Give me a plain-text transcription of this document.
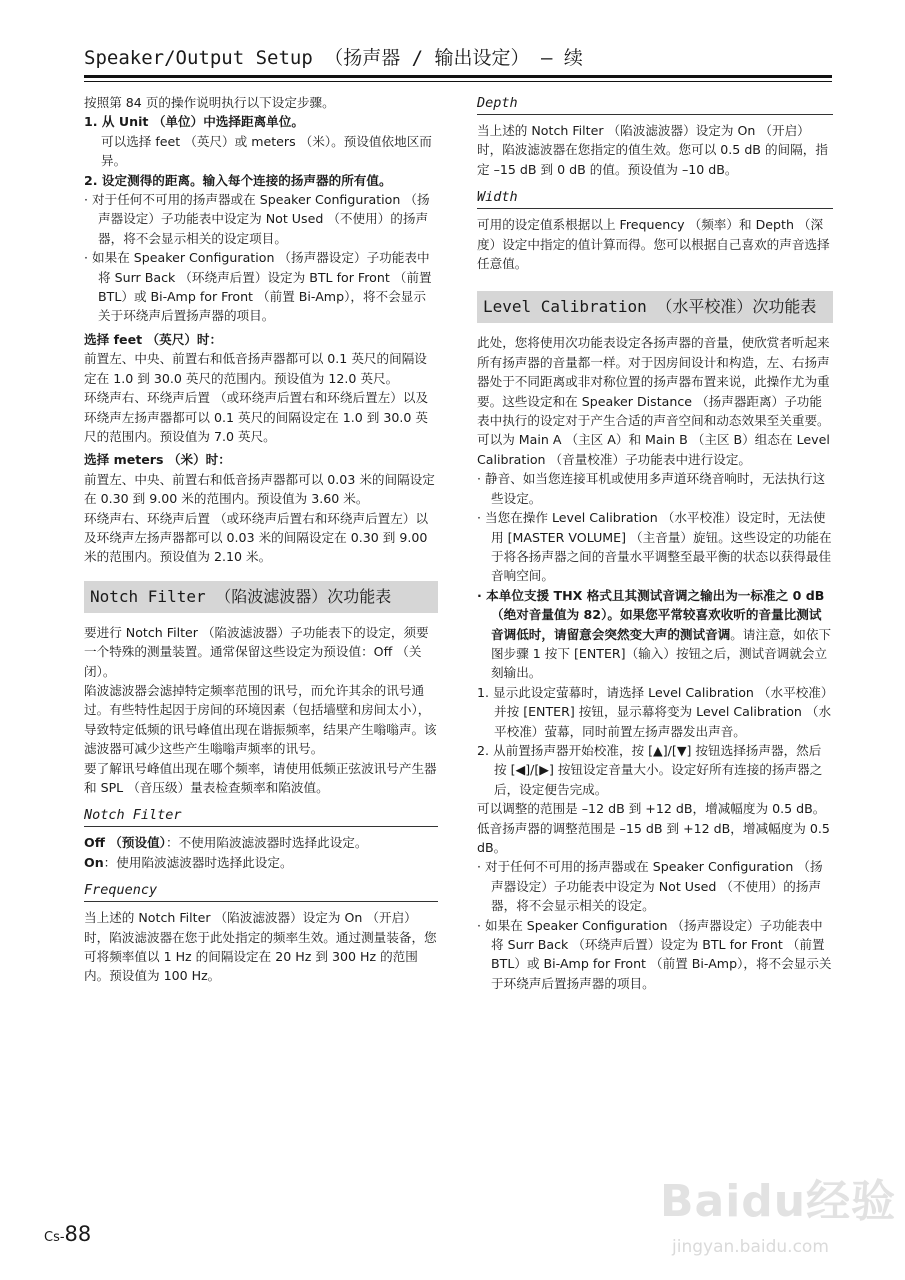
Speaker/Output Setup （扬声器 / 输出设定） – 续

按照第 84 页的操作说明执行以下设定步骤。

1. 从 Unit （单位）中选择距离单位。

可以选择 feet （英尺）或 meters （米）。预设值依地区而异。

2. 设定测得的距离。输入每个连接的扬声器的所有值。

· 对于任何不可用的扬声器或在 Speaker Configuration （扬声器设定）子功能表中设定为 Not Used （不使用）的扬声器，将不会显示相关的设定项目。

· 如果在 Speaker Configuration （扬声器设定）子功能表中将 Surr Back （环绕声后置）设定为 BTL for Front （前置 BTL）或 Bi-Amp for Front （前置 Bi-Amp），将不会显示关于环绕声后置扬声器的项目。

选择 feet （英尺）时：

前置左、中央、前置右和低音扬声器都可以 0.1 英尺的间隔设定在 1.0 到 30.0 英尺的范围内。预设值为 12.0 英尺。

环绕声右、环绕声后置 （或环绕声后置右和环绕后置左）以及环绕声左扬声器都可以 0.1 英尺的间隔设定在 1.0 到 30.0 英尺的范围内。预设值为 7.0 英尺。

选择 meters （米）时：

前置左、中央、前置右和低音扬声器都可以 0.03 米的间隔设定在 0.30 到 9.00 米的范围内。预设值为 3.60 米。

环绕声右、环绕声后置 （或环绕声后置右和环绕声后置左）以及环绕声左扬声器都可以 0.03 米的间隔设定在 0.30 到 9.00 米的范围内。预设值为 2.10 米。

Notch Filter （陷波滤波器）次功能表

要进行 Notch Filter （陷波滤波器）子功能表下的设定，须要一个特殊的测量装置。通常保留这些设定为预设值：Off （关闭）。

陷波滤波器会滤掉特定频率范围的讯号，而允许其余的讯号通过。有些特性起因于房间的环境因素（包括墙壁和房间太小），导致特定低频的讯号峰值出现在谐振频率，结果产生嗡嗡声。该滤波器可减少这些产生嗡嗡声频率的讯号。

要了解讯号峰值出现在哪个频率，请使用低频正弦波讯号产生器和 SPL （音压级）量表检查频率和陷波值。

Notch Filter

Off （预设值）：不使用陷波滤波器时选择此设定。

On：使用陷波滤波器时选择此设定。

Frequency

当上述的 Notch Filter （陷波滤波器）设定为 On （开启）时，陷波滤波器在您于此处指定的频率生效。通过测量装备，您可将频率值以 1 Hz 的间隔设定在 20 Hz 到 300 Hz 的范围内。预设值为 100 Hz。

Depth

当上述的 Notch Filter （陷波滤波器）设定为 On （开启）时，陷波滤波器在您指定的值生效。您可以 0.5 dB 的间隔，指定 –15 dB 到 0 dB 的值。预设值为 –10 dB。

Width

可用的设定值系根据以上 Frequency （频率）和 Depth （深度）设定中指定的值计算而得。您可以根据自己喜欢的声音选择任意值。

Level Calibration （水平校准）次功能表

此处，您将使用次功能表设定各扬声器的音量，使欣赏者听起来所有扬声器的音量都一样。对于因房间设计和构造，左、右扬声器处于不同距离或非对称位置的扬声器布置来说，此操作尤为重要。这些设定和在 Speaker Distance （扬声器距离）子功能表中执行的设定对于产生合适的声音空间和动态效果至关重要。可以为 Main A （主区 A）和 Main B （主区 B）组态在 Level Calibration （音量校准）子功能表中进行设定。

· 静音、如当您连接耳机或使用多声道环绕音响时，无法执行这些设定。

· 当您在操作 Level Calibration （水平校准）设定时，无法使用 [MASTER VOLUME] （主音量）旋钮。这些设定的功能在于将各扬声器之间的音量水平调整至最平衡的状态以获得最佳音响空间。

· 本单位支援 THX 格式且其测试音调之输出为一标准之 0 dB（绝对音量值为 82）。如果您平常较喜欢收听的音量比测试音调低时，请留意会突然变大声的测试音调。请注意，如依下图步骤 1 按下 [ENTER]（输入）按钮之后，测试音调就会立刻输出。

1. 显示此设定萤幕时，请选择 Level Calibration （水平校准）并按 [ENTER] 按钮，显示幕将变为 Level Calibration （水平校准）萤幕，同时前置左扬声器发出声音。

2. 从前置扬声器开始校准，按 [▲]/[▼] 按钮选择扬声器，然后按 [◀]/[▶] 按钮设定音量大小。设定好所有连接的扬声器之后，设定便告完成。

可以调整的范围是 –12 dB 到 +12 dB，增减幅度为 0.5 dB。低音扬声器的调整范围是 –15 dB 到 +12 dB，增减幅度为 0.5 dB。

· 对于任何不可用的扬声器或在 Speaker Configuration （扬声器设定）子功能表中设定为 Not Used （不使用）的扬声器，将不会显示相关的设定。

· 如果在 Speaker Configuration （扬声器设定）子功能表中将 Surr Back （环绕声后置）设定为 BTL for Front （前置 BTL）或 Bi-Amp for Front （前置 Bi-Amp），将不会显示关于环绕声后置扬声器的项目。

Cs-88
Baidu经验
jingyan.baidu.com
